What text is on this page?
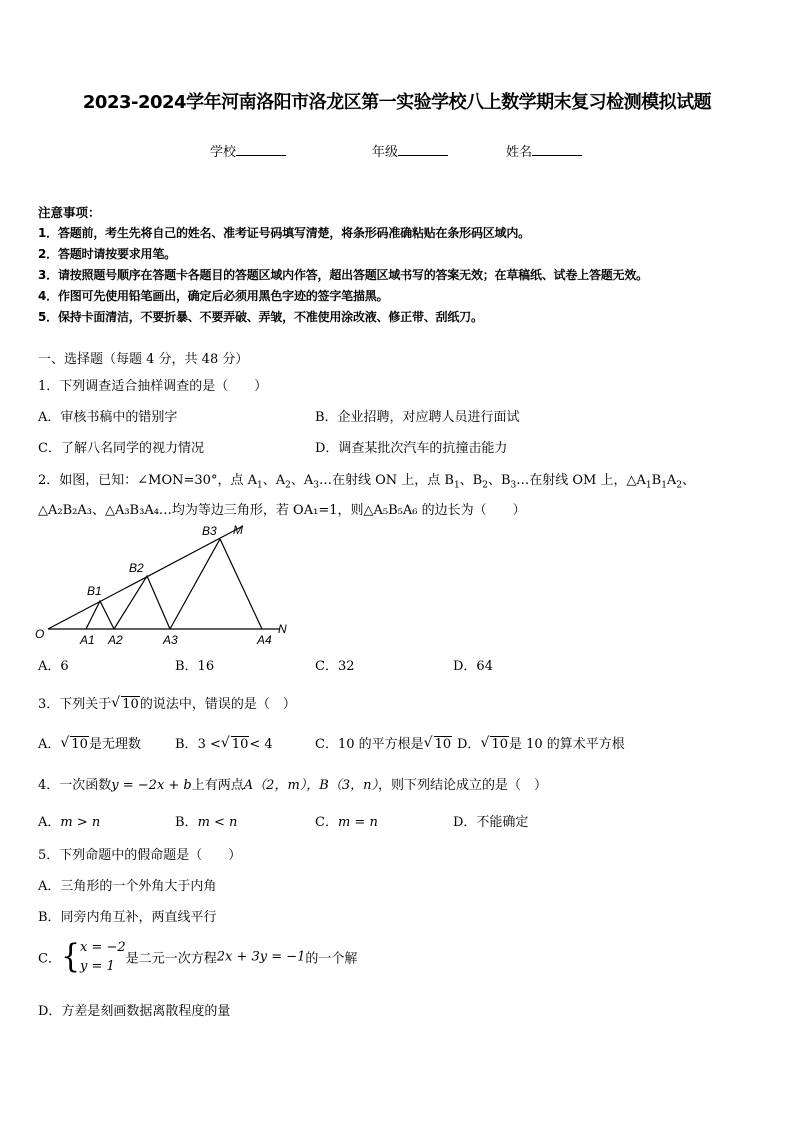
2023-2024学年河南洛阳市洛龙区第一实验学校八上数学期末复习检测模拟试题
学校	年级	姓名
注意事项：
1．答题前，考生先将自己的姓名、准考证号码填写清楚，将条形码准确粘贴在条形码区域内。
2．答题时请按要求用笔。
3．请按照题号顺序在答题卡各题目的答题区域内作答，超出答题区域书写的答案无效；在草稿纸、试卷上答题无效。
4．作图可先使用铅笔画出，确定后必须用黑色字迹的签字笔描黑。
5．保持卡面清洁，不要折暴、不要弄破、弄皱，不准使用涂改液、修正带、刮纸刀。
一、选择题（每题 4 分，共 48 分）
1．下列调查适合抽样调查的是（　　）
A．审核书稿中的错别字	B．企业招聘，对应聘人员进行面试
C．了解八名同学的视力情况	D．调查某批次汽车的抗撞击能力
2．如图，已知：∠MON=30°，点 $A_1$、$A_2$、$A_3\dots$在射线 ON 上，点 $B_1$、$B_2$、$B_3\dots$在射线 OM 上，$\triangle A_1B_1A_2$、
△A₂B₂A₃、△A₃B₃A₄…均为等边三角形，若 OA₁=1，则△A₅B₅A₆ 的边长为（　　）
O
M
N
A1 A2	A3	A4
B1
B2
B3
A．6	B．16	C．32	D．64
3．下列关于 √ 10的说法中，错误的是（　）
A． √ 10是无理数	B．3 < √ 10< 4	C．10 的平方根是 √ 10 D． √ 10是 10 的算术平方根
4．一次函数y = −2x + b上有两点A（2，m），B（3，n），则下列结论成立的是（　）
A．m > n	B．m < n	C．m = n	D．不能确定
5．下列命题中的假命题是（　　）
A．三角形的一个外角大于内角
B．同旁内角互补，两直线平行
C．{x = −2
y = 1 是二元一次方程2x + 3y = −1的一个解
D．方差是刻画数据离散程度的量
